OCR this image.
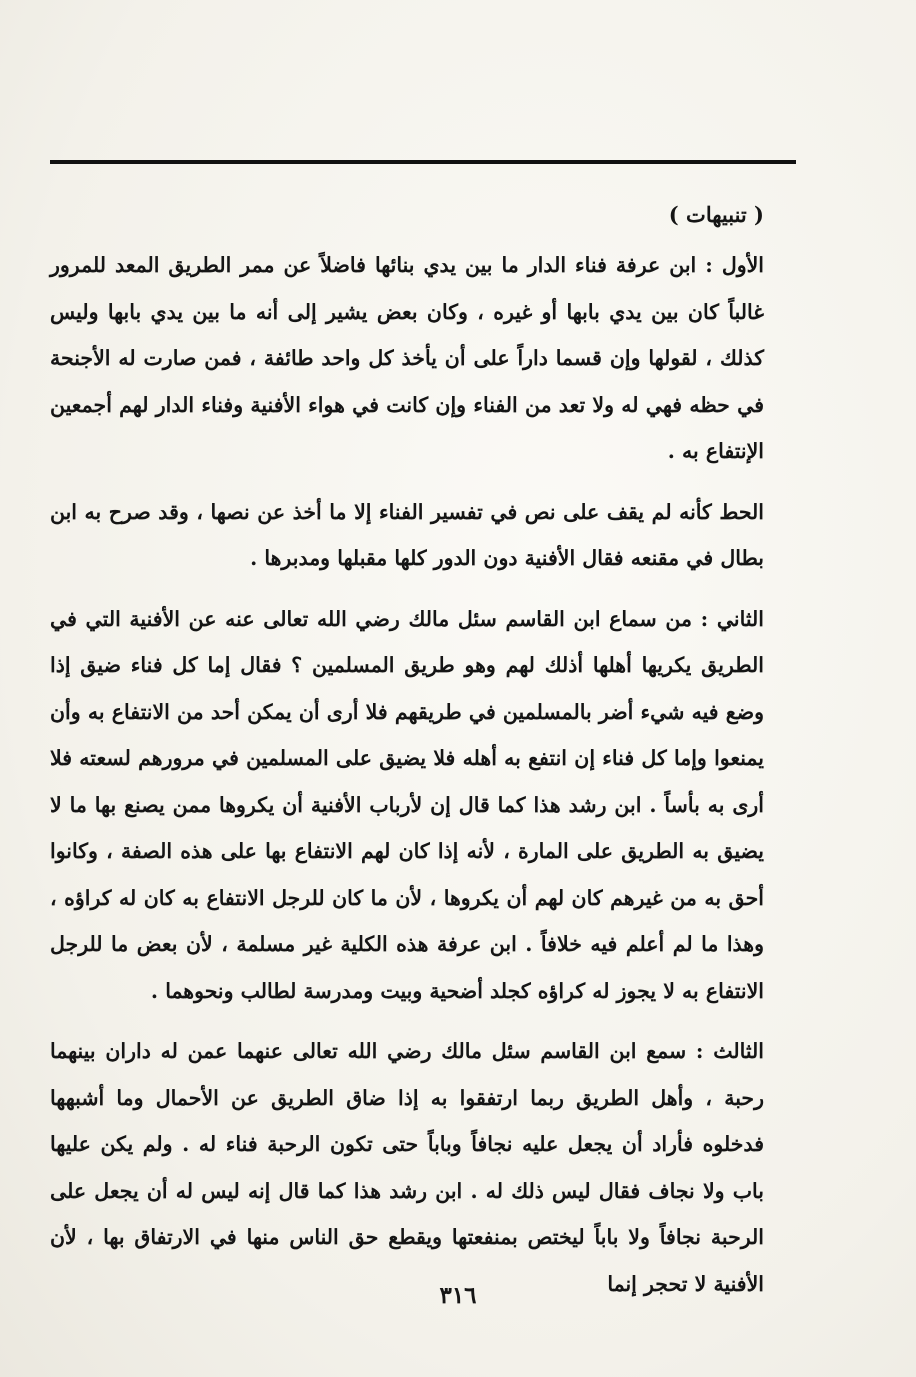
( تنبيهات )

الأول : ابن عرفة فناء الدار ما بين يدي بنائها فاضلاً عن ممر الطريق المعد للمرور غالباً كان بين يدي بابها أو غيره ، وكان بعض يشير إلى أنه ما بين يدي بابها وليس كذلك ، لقولها وإن قسما داراً على أن يأخذ كل واحد طائفة ، فمن صارت له الأجنحة في حظه فهي له ولا تعد من الفناء وإن كانت في هواء الأفنية وفناء الدار لهم أجمعين الإنتفاع به .

الحط كأنه لم يقف على نص في تفسير الفناء إلا ما أخذ عن نصها ، وقد صرح به ابن بطال في مقنعه فقال الأفنية دون الدور كلها مقبلها ومدبرها .

الثاني : من سماع ابن القاسم سئل مالك رضي الله تعالى عنه عن الأفنية التي في الطريق يكريها أهلها أذلك لهم وهو طريق المسلمين ؟ فقال إما كل فناء ضيق إذا وضع فيه شيء أضر بالمسلمين في طريقهم فلا أرى أن يمكن أحد من الانتفاع به وأن يمنعوا وإما كل فناء إن انتفع به أهله فلا يضيق على المسلمين في مرورهم لسعته فلا أرى به بأساً . ابن رشد هذا كما قال إن لأرباب الأفنية أن يكروها ممن يصنع بها ما لا يضيق به الطريق على المارة ، لأنه إذا كان لهم الانتفاع بها على هذه الصفة ، وكانوا أحق به من غيرهم كان لهم أن يكروها ، لأن ما كان للرجل الانتفاع به كان له كراؤه ، وهذا ما لم أعلم فيه خلافاً . ابن عرفة هذه الكلية غير مسلمة ، لأن بعض ما للرجل الانتفاع به لا يجوز له كراؤه كجلد أضحية وبيت ومدرسة لطالب ونحوهما .

الثالث : سمع ابن القاسم سئل مالك رضي الله تعالى عنهما عمن له داران بينهما رحبة ، وأهل الطريق ربما ارتفقوا به إذا ضاق الطريق عن الأحمال وما أشبهها فدخلوه فأراد أن يجعل عليه نجافاً وباباً حتى تكون الرحبة فناء له . ولم يكن عليها باب ولا نجاف فقال ليس ذلك له . ابن رشد هذا كما قال إنه ليس له أن يجعل على الرحبة نجافاً ولا باباً ليختص بمنفعتها ويقطع حق الناس منها في الارتفاق بها ، لأن الأفنية لا تحجر إنما

٣١٦
